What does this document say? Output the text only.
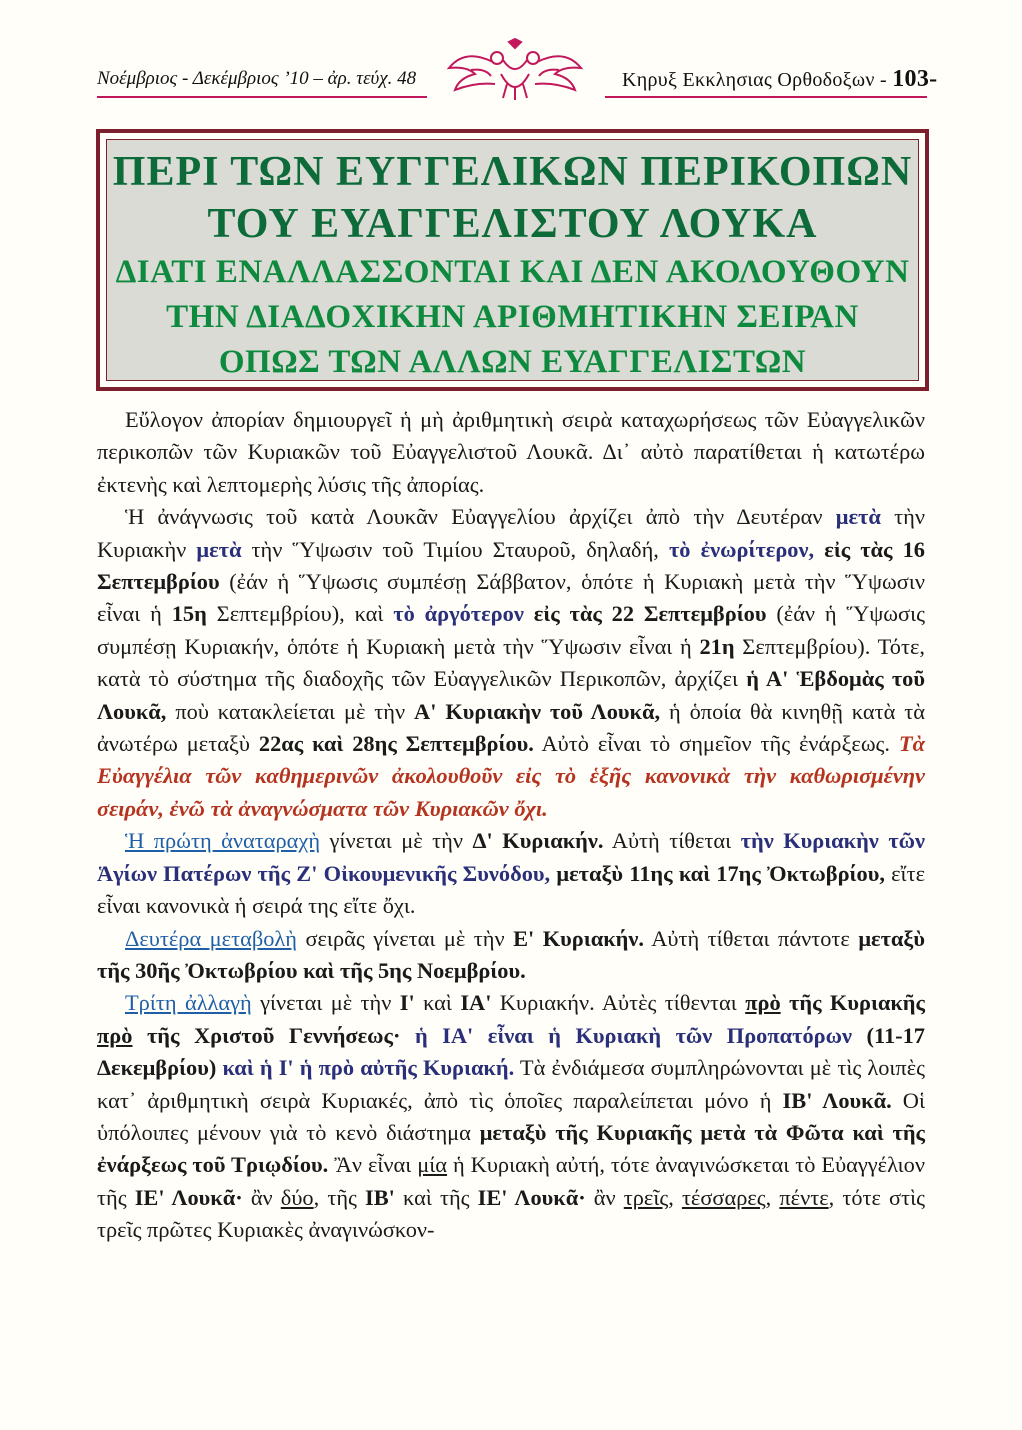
Νοέμβριος - Δεκέμβριος ’10 – ἀρ. τεύχ. 48	Κηρυξ Εκκλησιας Ορθοδοξων - 103-
ΠΕΡΙ ΤΩΝ ΕΥΓΓΕΛΙΚΩΝ ΠΕΡΙΚΟΠΩΝ
ΤΟΥ ΕΥΑΓΓΕΛΙΣΤΟΥ ΛΟΥΚΑ
ΔΙΑΤΙ ΕΝΑΛΛΑΣΣΟΝΤΑΙ ΚΑΙ ΔΕΝ ΑΚΟΛΟΥΘΟΥΝ
ΤΗΝ ΔΙΑΔΟΧΙΚΗΝ ΑΡΙΘΜΗΤΙΚΗΝ ΣΕΙΡΑΝ
ΟΠΩΣ ΤΩΝ ΑΛΛΩΝ ΕΥΑΓΓΕΛΙΣΤΩΝ

Εὔλογον ἀπορίαν δημιουργεῖ ἡ μὴ ἀριθμητικὴ σειρὰ καταχωρήσεως τῶν Εὐαγγελικῶν περικοπῶν τῶν Κυριακῶν τοῦ Εὐαγγελιστοῦ Λουκᾶ. Δι᾽ αὐτὸ παρατίθεται ἡ κατωτέρω ἐκτενὴς καὶ λεπτομερὴς λύσις τῆς ἀπορίας.

Ἡ ἀνάγνωσις τοῦ κατὰ Λουκᾶν Εὐαγγελίου ἀρχίζει ἀπὸ τὴν Δευτέραν μετὰ τὴν Κυριακὴν μετὰ τὴν Ὕψωσιν τοῦ Τιμίου Σταυροῦ, δηλαδή, τὸ ἐνωρίτερον, εἰς τὰς 16 Σεπτεμβρίου (ἐάν ἡ Ὕψωσις συμπέσῃ Σάββατον, ὁπότε ἡ Κυριακὴ μετὰ τὴν Ὕψωσιν εἶναι ἡ 15η Σεπτεμβρίου), καὶ τὸ ἀργότερον εἰς τὰς 22 Σεπτεμβρίου (ἐάν ἡ Ὕψωσις συμπέσῃ Κυριακήν, ὁπότε ἡ Κυριακὴ μετὰ τὴν Ὕψωσιν εἶναι ἡ 21η Σεπτεμβρίου). Τότε, κατὰ τὸ σύστημα τῆς διαδοχῆς τῶν Εὐαγγελικῶν Περικοπῶν, ἀρχίζει ἡ Α' Ἑβδομὰς τοῦ Λουκᾶ, ποὺ κατακλείεται μὲ τὴν Α' Κυριακὴν τοῦ Λουκᾶ, ἡ ὁποία θὰ κινηθῇ κατὰ τὰ ἀνωτέρω μεταξὺ 22ας καὶ 28ης Σεπτεμβρίου. Αὐτὸ εἶναι τὸ σημεῖον τῆς ἐνάρξεως. Τὰ Εὐαγγέλια τῶν καθημερινῶν ἀκολουθοῦν εἰς τὸ ἑξῆς κανονικὰ τὴν καθωρισμένην σειράν, ἐνῶ τὰ ἀναγνώσματα τῶν Κυριακῶν ὄχι.

Ἡ πρώτη ἀναταραχὴ γίνεται μὲ τὴν Δ' Κυριακήν. Αὐτὴ τίθεται τὴν Κυριακὴν τῶν Ἁγίων Πατέρων τῆς Ζ' Οἰκουμενικῆς Συνόδου, μεταξὺ 11ης καὶ 17ης Ὀκτωβρίου, εἴτε εἶναι κανονικὰ ἡ σειρά της εἴτε ὄχι.

Δευτέρα μεταβολὴ σειρᾶς γίνεται μὲ τὴν Ε' Κυριακήν. Αὐτὴ τίθεται πάντοτε μεταξὺ τῆς 30ῆς Ὀκτωβρίου καὶ τῆς 5ης Νοεμβρίου.

Τρίτη ἀλλαγὴ γίνεται μὲ τὴν Ι' καὶ ΙΑ' Κυριακήν. Αὐτὲς τίθενται πρὸ τῆς Κυριακῆς πρὸ τῆς Χριστοῦ Γεννήσεως· ἡ ΙΑ' εἶναι ἡ Κυριακὴ τῶν Προπατόρων (11-17 Δεκεμβρίου) καὶ ἡ Ι' ἡ πρὸ αὐτῆς Κυριακή. Τὰ ἐνδιάμεσα συμπληρώνονται μὲ τὶς λοιπὲς κατ᾽ ἀριθμητικὴ σειρὰ Κυριακές, ἀπὸ τὶς ὁποῖες παραλείπεται μόνο ἡ ΙΒ' Λουκᾶ. Οἱ ὑπόλοιπες μένουν γιὰ τὸ κενὸ διάστημα μεταξὺ τῆς Κυριακῆς μετὰ τὰ Φῶτα καὶ τῆς ἐνάρξεως τοῦ Τριῳδίου. Ἂν εἶναι μία ἡ Κυριακὴ αὐτή, τότε ἀναγινώσκεται τὸ Εὐαγγέλιον τῆς ΙΕ' Λουκᾶ· ἂν δύο, τῆς ΙΒ' καὶ τῆς ΙΕ' Λουκᾶ· ἂν τρεῖς, τέσσαρες, πέντε, τότε στὶς τρεῖς πρῶτες Κυριακὲς ἀναγινώσκον-
